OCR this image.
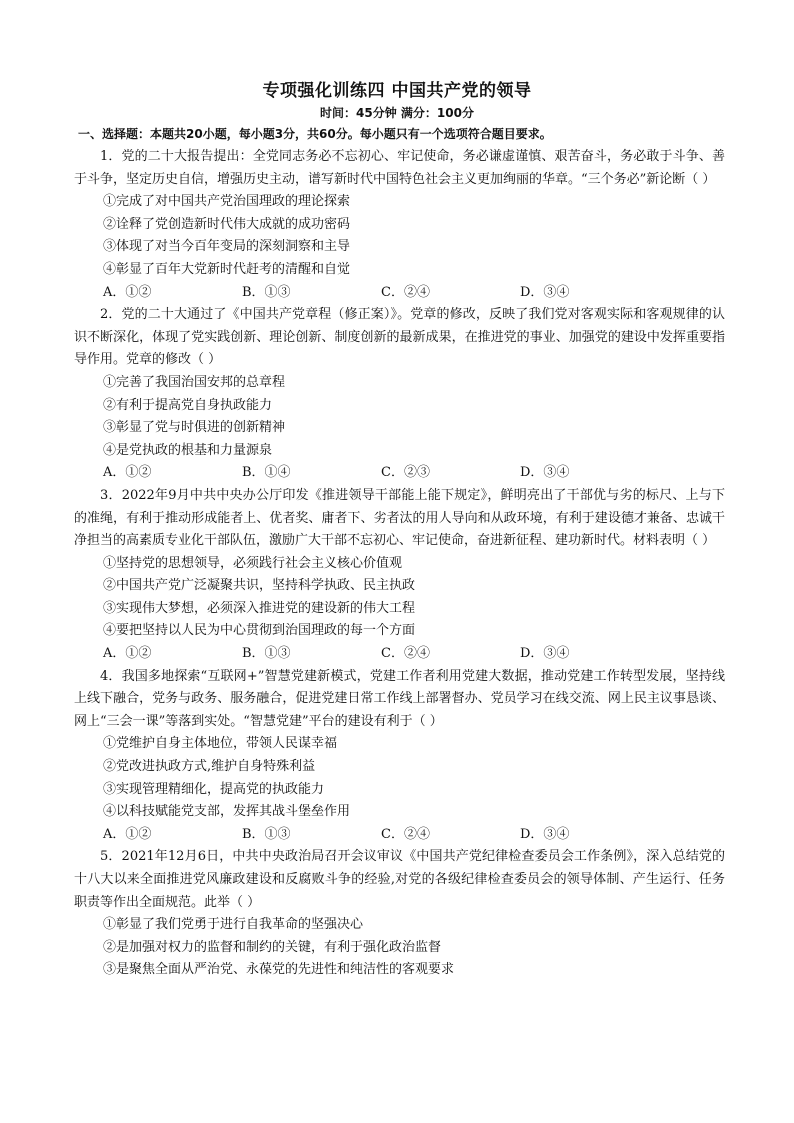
专项强化训练四 中国共产党的领导
时间：45分钟 满分：100分
一、选择题：本题共20小题，每小题3分，共60分。每小题只有一个选项符合题目要求。

1．党的二十大报告提出：全党同志务必不忘初心、牢记使命，务必谦虚谨慎、艰苦奋斗，务必敢于斗争、善于斗争，坚定历史自信，增强历史主动，谱写新时代中国特色社会主义更加绚丽的华章。“三个务必”新论断（ ）

①完成了对中国共产党治国理政的理论探索

②诠释了党创造新时代伟大成就的成功密码

③体现了对当今百年变局的深刻洞察和主导

④彰显了百年大党新时代赶考的清醒和自觉

A．①②	B．①③	C．②④	D．③④

2．党的二十大通过了《中国共产党章程（修正案）》。党章的修改，反映了我们党对客观实际和客观规律的认识不断深化，体现了党实践创新、理论创新、制度创新的最新成果，在推进党的事业、加强党的建设中发挥重要指导作用。党章的修改（ ）

①完善了我国治国安邦的总章程

②有利于提高党自身执政能力

③彰显了党与时俱进的创新精神

④是党执政的根基和力量源泉

A．①②	B．①④	C．②③	D．③④

3．2022年9月中共中央办公厅印发《推进领导干部能上能下规定》，鲜明亮出了干部优与劣的标尺、上与下的准绳，有利于推动形成能者上、优者奖、庸者下、劣者汰的用人导向和从政环境，有利于建设德才兼备、忠诚干净担当的高素质专业化干部队伍，激励广大干部不忘初心、牢记使命，奋进新征程、建功新时代。材料表明（ ）

①坚持党的思想领导，必须践行社会主义核心价值观

②中国共产党广泛凝聚共识，坚持科学执政、民主执政

③实现伟大梦想，必须深入推进党的建设新的伟大工程

④要把坚持以人民为中心贯彻到治国理政的每一个方面

A．①②	B．①③	C．②④	D．③④

4．我国多地探索“互联网+”智慧党建新模式，党建工作者利用党建大数据，推动党建工作转型发展，坚持线上线下融合，党务与政务、服务融合，促进党建日常工作线上部署督办、党员学习在线交流、网上民主议事恳谈、网上“三会一课”等落到实处。“智慧党建”平台的建设有利于（ ）

①党维护自身主体地位，带领人民谋幸福

②党改进执政方式,维护自身特殊利益

③实现管理精细化，提高党的执政能力

④以科技赋能党支部，发挥其战斗堡垒作用

A．①②	B．①③	C．②④	D．③④

5．2021年12月6日，中共中央政治局召开会议审议《中国共产党纪律检查委员会工作条例》，深入总结党的十八大以来全面推进党风廉政建设和反腐败斗争的经验,对党的各级纪律检查委员会的领导体制、产生运行、任务职责等作出全面规范。此举（ ）

①彰显了我们党勇于进行自我革命的坚强决心

②是加强对权力的监督和制约的关键，有利于强化政治监督

③是聚焦全面从严治党、永葆党的先进性和纯洁性的客观要求
